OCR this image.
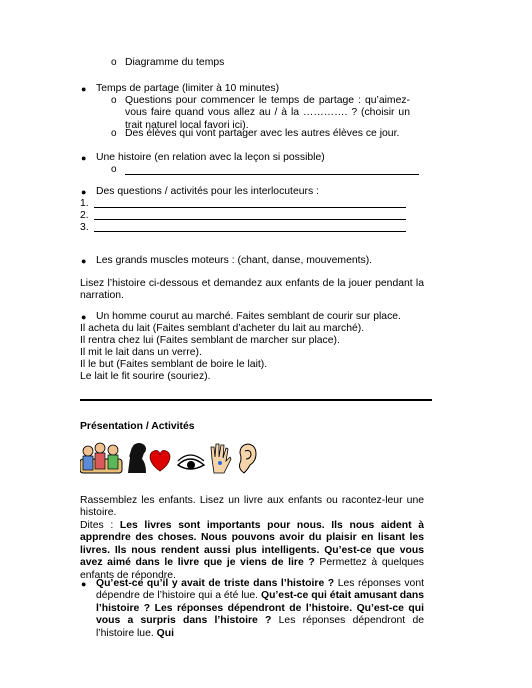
o Diagramme du temps
● Temps de partage (limiter à 10 minutes)
o Questions pour commencer le temps de partage : qu’aimez-vous faire quand vous allez au / à la …………. ? (choisir un trait naturel local favori ici).
o Des élèves qui vont partager avec les autres élèves ce jour.
● Une histoire (en relation avec la leçon si possible)
o
● Des questions / activités pour les interlocuteurs :
1.
2.
3.
● Les grands muscles moteurs : (chant, danse, mouvements).
Lisez l’histoire ci-dessous et demandez aux enfants de la jouer pendant la narration.
● Un homme courut au marché. Faites semblant de courir sur place.
Il acheta du lait (Faites semblant d’acheter du lait au marché).
Il rentra chez lui (Faites semblant de marcher sur place).
Il mit le lait dans un verre).
Il le but (Faites semblant de boire le lait).
Le lait le fit sourire (souriez).
Présentation / Activités
Rassemblez les enfants. Lisez un livre aux enfants ou racontez-leur une histoire.
Dites : Les livres sont importants pour nous. Ils nous aident à apprendre des choses. Nous pouvons avoir du plaisir en lisant les livres. Ils nous rendent aussi plus intelligents. Qu’est-ce que vous avez aimé dans le livre que je viens de lire ? Permettez à quelques enfants de répondre.
● Qu’est-ce qu’il y avait de triste dans l’histoire ? Les réponses vont dépendre de l’histoire qui a été lue. Qu’est-ce qui était amusant dans l’histoire ? Les réponses dépendront de l’histoire. Qu’est-ce qui vous a surpris dans l’histoire ? Les réponses dépendront de l’histoire lue. Qui
